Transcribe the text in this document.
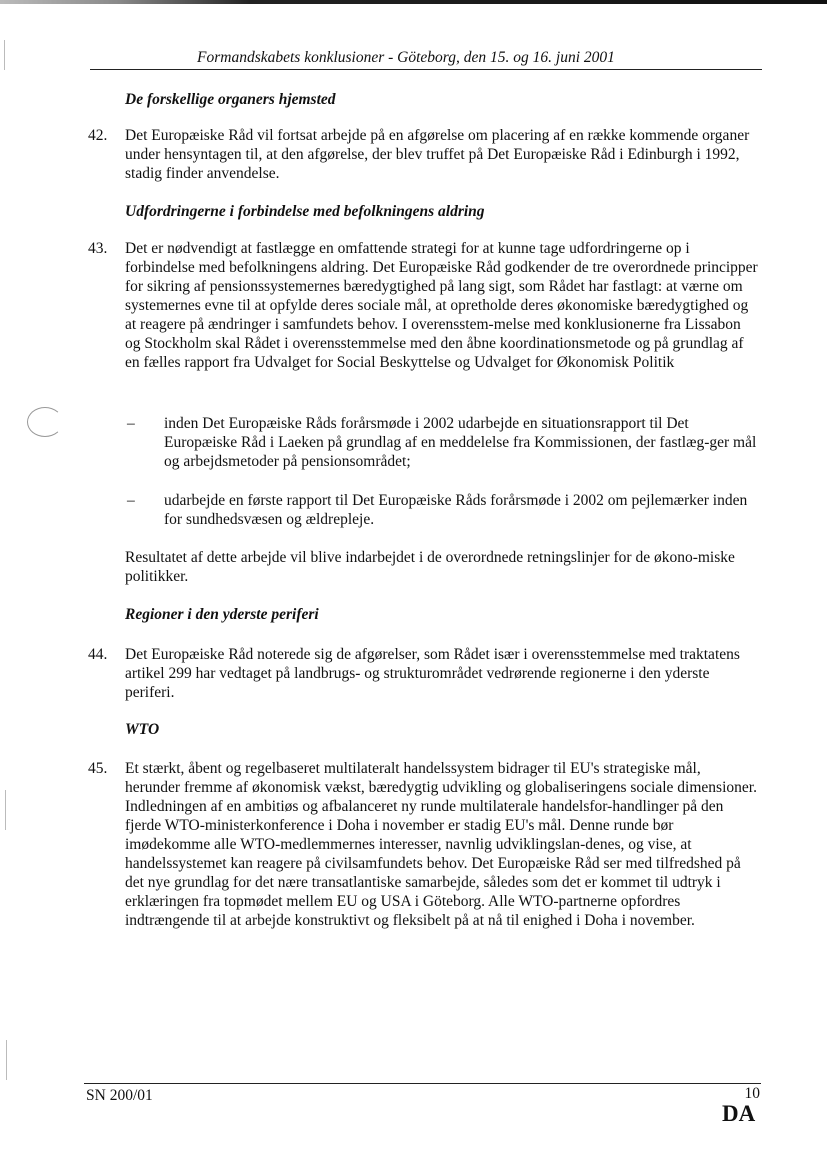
Formandskabets konklusioner - Göteborg, den 15. og 16. juni 2001
De forskellige organers hjemsted
42. Det Europæiske Råd vil fortsat arbejde på en afgørelse om placering af en række kommende organer under hensyntagen til, at den afgørelse, der blev truffet på Det Europæiske Råd i Edinburgh i 1992, stadig finder anvendelse.
Udfordringerne i forbindelse med befolkningens aldring
43. Det er nødvendigt at fastlægge en omfattende strategi for at kunne tage udfordringerne op i forbindelse med befolkningens aldring. Det Europæiske Råd godkender de tre overordnede principper for sikring af pensionssystemernes bæredygtighed på lang sigt, som Rådet har fastlagt: at værne om systemernes evne til at opfylde deres sociale mål, at opretholde deres økonomiske bæredygtighed og at reagere på ændringer i samfundets behov. I overensstem-melse med konklusionerne fra Lissabon og Stockholm skal Rådet i overensstemmelse med den åbne koordinationsmetode og på grundlag af en fælles rapport fra Udvalget for Social Beskyttelse og Udvalget for Økonomisk Politik
– inden Det Europæiske Råds forårsmøde i 2002 udarbejde en situationsrapport til Det Europæiske Råd i Laeken på grundlag af en meddelelse fra Kommissionen, der fastlæg-ger mål og arbejdsmetoder på pensionsområdet;
– udarbejde en første rapport til Det Europæiske Råds forårsmøde i 2002 om pejlemærker inden for sundhedsvæsen og ældrepleje.
Resultatet af dette arbejde vil blive indarbejdet i de overordnede retningslinjer for de økono-miske politikker.
Regioner i den yderste periferi
44. Det Europæiske Råd noterede sig de afgørelser, som Rådet især i overensstemmelse med traktatens artikel 299 har vedtaget på landbrugs- og strukturområdet vedrørende regionerne i den yderste periferi.
WTO
45. Et stærkt, åbent og regelbaseret multilateralt handelssystem bidrager til EU's strategiske mål, herunder fremme af økonomisk vækst, bæredygtig udvikling og globaliseringens sociale dimensioner. Indledningen af en ambitiøs og afbalanceret ny runde multilaterale handelsfor-handlinger på den fjerde WTO-ministerkonference i Doha i november er stadig EU's mål. Denne runde bør imødekomme alle WTO-medlemmernes interesser, navnlig udviklingslan-denes, og vise, at handelssystemet kan reagere på civilsamfundets behov. Det Europæiske Råd ser med tilfredshed på det nye grundlag for det nære transatlantiske samarbejde, således som det er kommet til udtryk i erklæringen fra topmødet mellem EU og USA i Göteborg. Alle WTO-partnerne opfordres indtrængende til at arbejde konstruktivt og fleksibelt på at nå til enighed i Doha i november.
SN 200/01	10
DA
